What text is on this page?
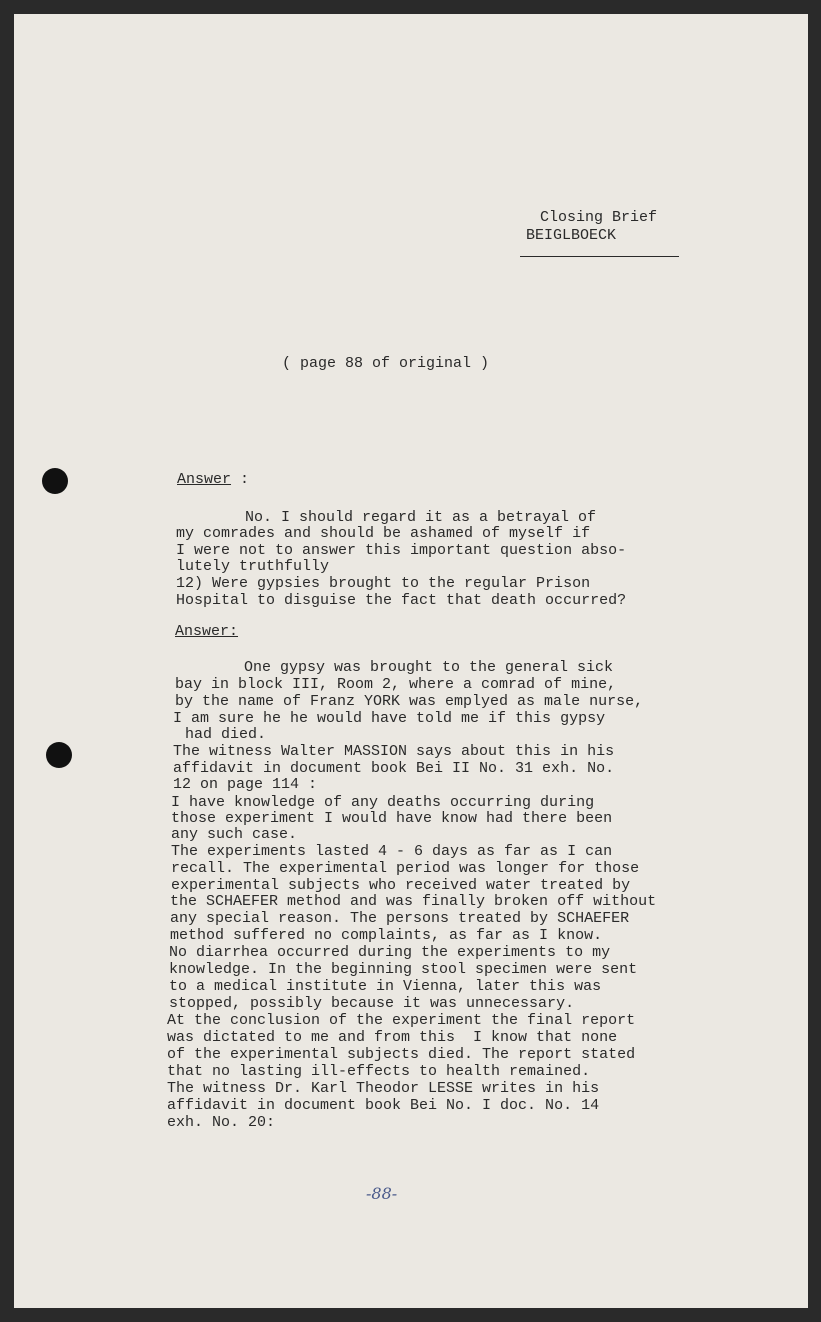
Closing Brief
BEIGLBOECK
( page 88 of original )
Answer :
No. I should regard it as a betrayal of
my comrades and should be ashamed of myself if
I were not to answer this important question abso-
lutely truthfully
12) Were gypsies brought to the regular Prison
Hospital to disguise the fact that death occurred?
Answer:
One gypsy was brought to the general sick
bay in block III, Room 2, where a comrad of mine,
by the name of Franz YORK was emplyed as male nurse,
I am sure he he would have told me if this gypsy
had died.
The witness Walter MASSION says about this in his
affidavit in document book Bei II No. 31 exh. No.
12 on page 114 :
I have knowledge of any deaths occurring during
those experiment I would have know had there been
any such case.
The experiments lasted 4 - 6 days as far as I can
recall. The experimental period was longer for those
experimental subjects who received water treated by
the SCHAEFER method and was finally broken off without
any special reason. The persons treated by SCHAEFER
method suffered no complaints, as far as I know.
No diarrhea occurred during the experiments to my
knowledge. In the beginning stool specimen were sent
to a medical institute in Vienna, later this was
stopped, possibly because it was unnecessary.
At the conclusion of the experiment the final report
was dictated to me and from this  I know that none
of the experimental subjects died. The report stated
that no lasting ill-effects to health remained.
The witness Dr. Karl Theodor LESSE writes in his
affidavit in document book Bei No. I doc. No. 14
exh. No. 20:
-88-
